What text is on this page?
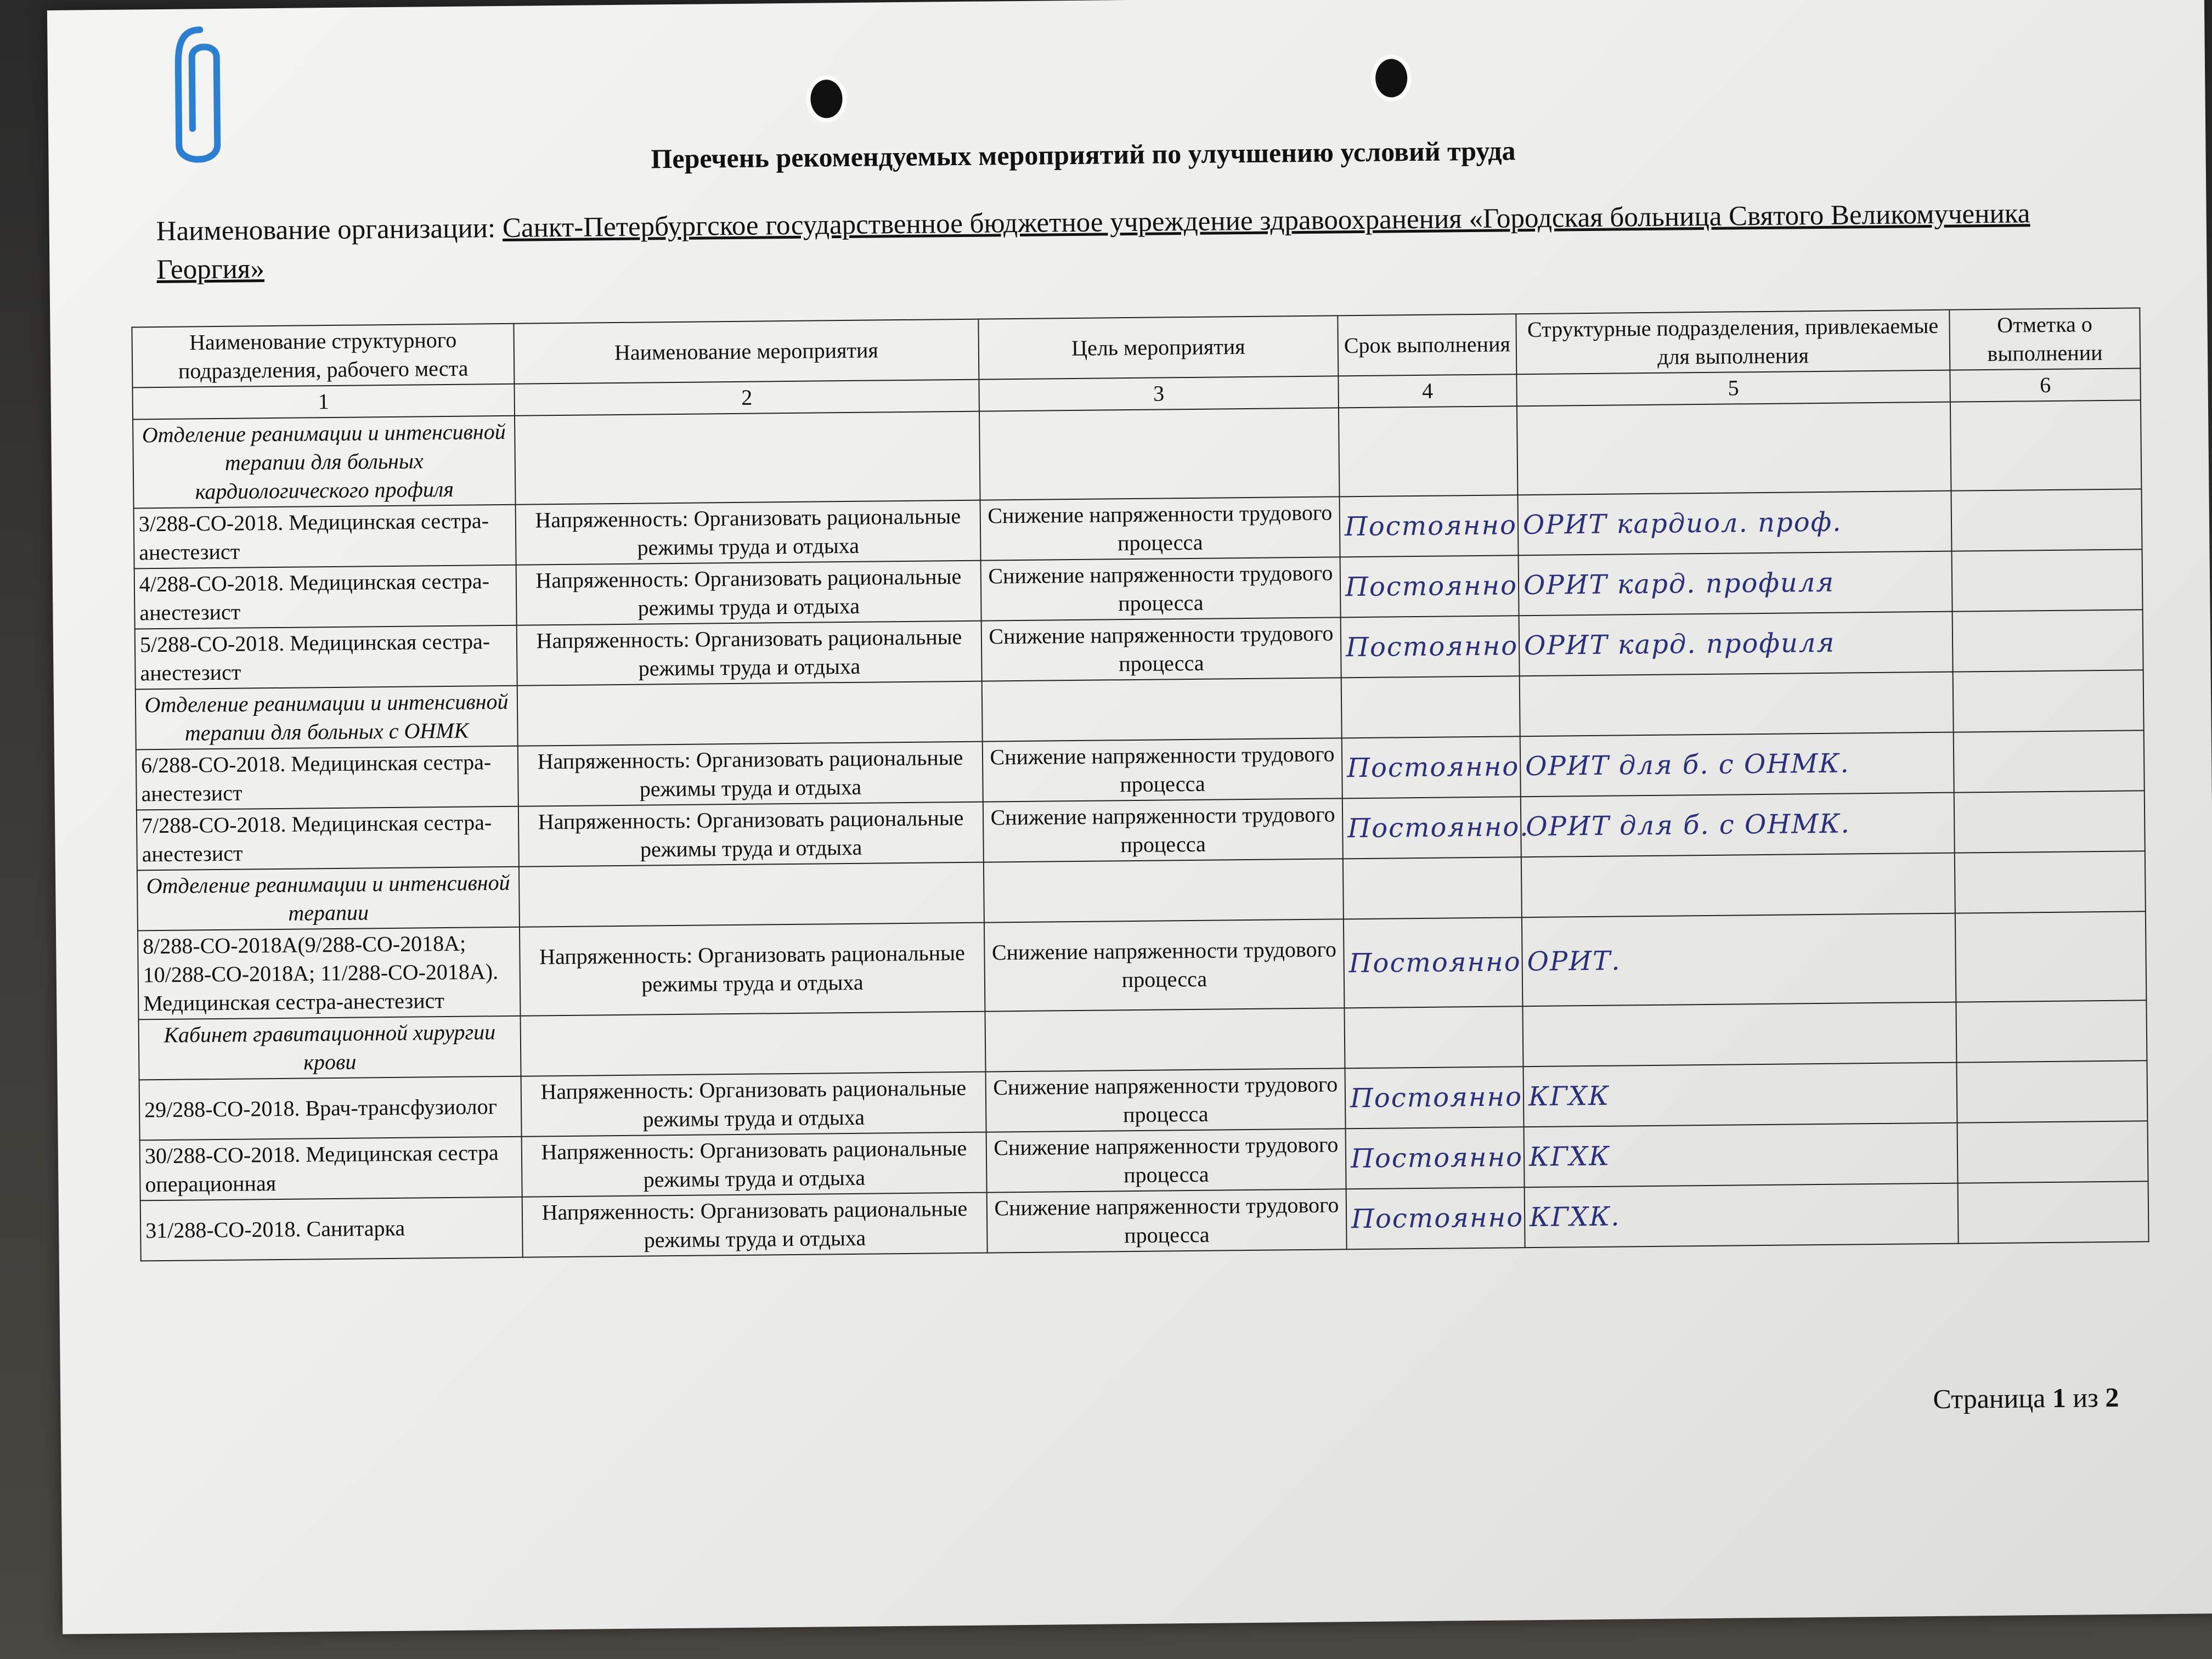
Перечень рекомендуемых мероприятий по улучшению условий труда
Наименование организации: Санкт-Петербургское государственное бюджетное учреждение здравоохранения «Городская больница Святого Великомученика Георгия»
Наименование структурного подразделения, рабочего места	Наименование мероприятия	Цель мероприятия	Срок выполнения	Структурные подразделения, привлекаемые для выполнения	Отметка о выполнении
1	2	3	4	5	6
Отделение реанимации и интенсивной терапии для больных кардиологического профиля					
3/288-СО-2018. Медицинская сестра-анестезист	Напряженность: Организовать рациональные режимы труда и отдыха	Снижение напряженности трудового процесса	Постоянно	ОРИТ кардиол. проф.	
4/288-СО-2018. Медицинская сестра-анестезист	Напряженность: Организовать рациональные режимы труда и отдыха	Снижение напряженности трудового процесса	Постоянно	ОРИТ кард. профиля	
5/288-СО-2018. Медицинская сестра-анестезист	Напряженность: Организовать рациональные режимы труда и отдыха	Снижение напряженности трудового процесса	Постоянно	ОРИТ кард. профиля	
Отделение реанимации и интенсивной терапии для больных с ОНМК					
6/288-СО-2018. Медицинская сестра-анестезист	Напряженность: Организовать рациональные режимы труда и отдыха	Снижение напряженности трудового процесса	Постоянно	ОРИТ для б. с ОНМК.	
7/288-СО-2018. Медицинская сестра-анестезист	Напряженность: Организовать рациональные режимы труда и отдыха	Снижение напряженности трудового процесса	Постоянно.	ОРИТ для б. с ОНМК.	
Отделение реанимации и интенсивной терапии					
8/288-СО-2018А(9/288-СО-2018А; 10/288-СО-2018А; 11/288-СО-2018А). Медицинская сестра-анестезист	Напряженность: Организовать рациональные режимы труда и отдыха	Снижение напряженности трудового процесса	Постоянно	ОРИТ.	
Кабинет гравитационной хирургии крови					
29/288-СО-2018. Врач-трансфузиолог	Напряженность: Организовать рациональные режимы труда и отдыха	Снижение напряженности трудового процесса	Постоянно	КГХК	
30/288-СО-2018. Медицинская сестра операционная	Напряженность: Организовать рациональные режимы труда и отдыха	Снижение напряженности трудового процесса	Постоянно	КГХК	
31/288-СО-2018. Санитарка	Напряженность: Организовать рациональные режимы труда и отдыха	Снижение напряженности трудового процесса	Постоянно	КГХК.	
Страница 1 из 2
